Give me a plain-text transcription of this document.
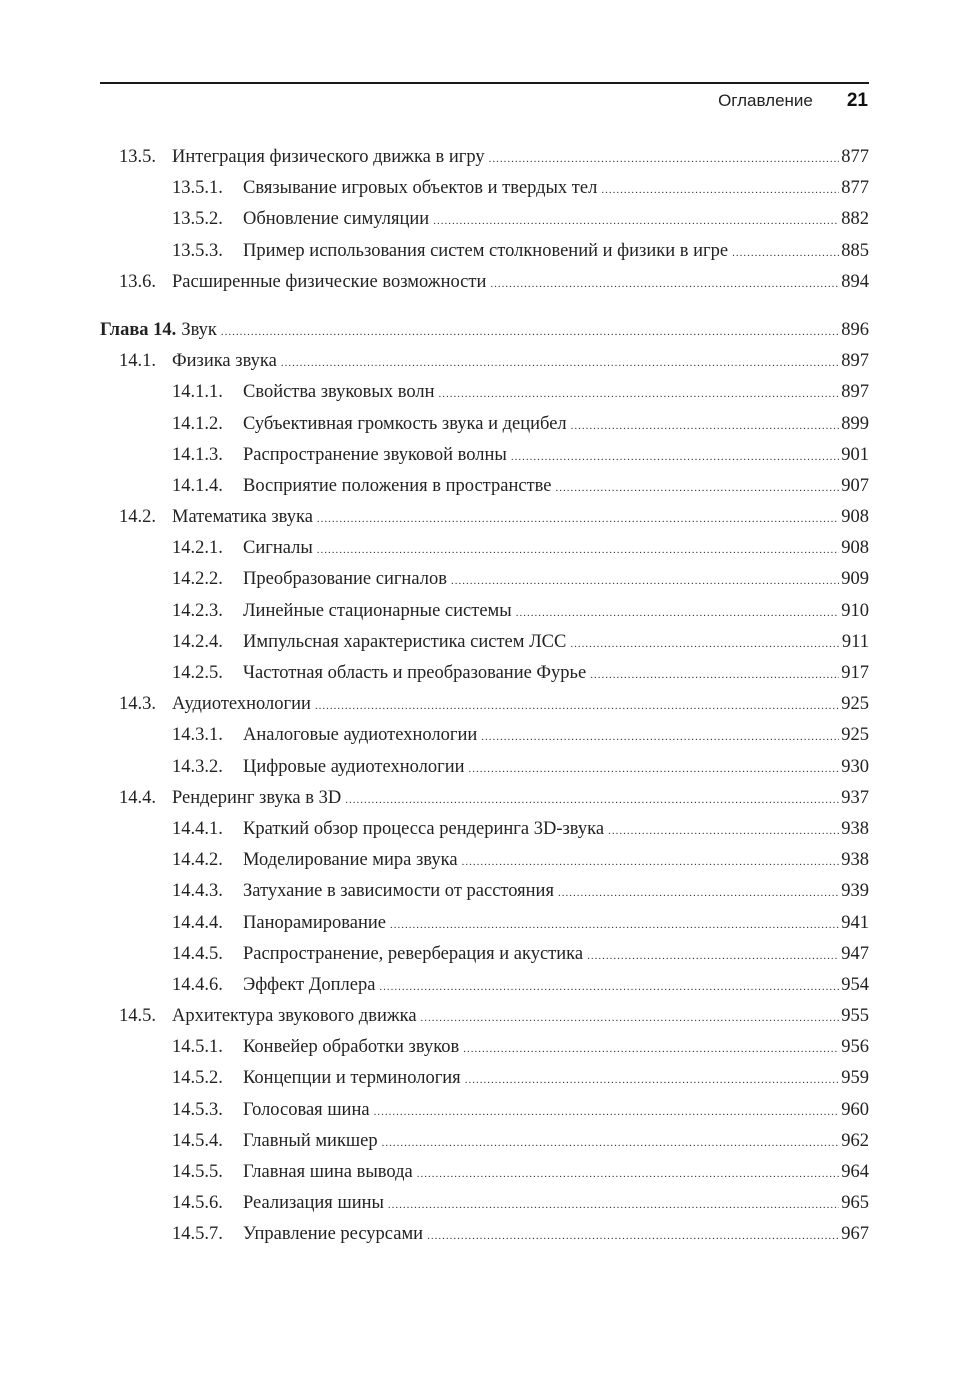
Оглавление 21
13.5. Интеграция физического движка в игру .....	877
13.5.1.	Связывание игровых объектов и твердых тел .....	877
13.5.2.	Обновление симуляции .....	882
13.5.3.	Пример использования систем столкновений и физики в игре .....	885
13.6. Расширенные физические возможности .....	894
Глава 14. Звук .....	896
14.1. Физика звука .....	897
14.1.1.	Свойства звуковых волн .....	897
14.1.2.	Субъективная громкость звука и децибел .....	899
14.1.3.	Распространение звуковой волны .....	901
14.1.4.	Восприятие положения в пространстве .....	907
14.2. Математика звука .....	908
14.2.1.	Сигналы .....	908
14.2.2.	Преобразование сигналов .....	909
14.2.3.	Линейные стационарные системы .....	910
14.2.4.	Импульсная характеристика систем ЛСС .....	911
14.2.5.	Частотная область и преобразование Фурье .....	917
14.3. Аудиотехнологии .....	925
14.3.1.	Аналоговые аудиотехнологии .....	925
14.3.2.	Цифровые аудиотехнологии .....	930
14.4. Рендеринг звука в 3D .....	937
14.4.1.	Краткий обзор процесса рендеринга 3D-звука .....	938
14.4.2.	Моделирование мира звука .....	938
14.4.3.	Затухание в зависимости от расстояния .....	939
14.4.4.	Панорамирование .....	941
14.4.5.	Распространение, реверберация и акустика .....	947
14.4.6.	Эффект Доплера .....	954
14.5. Архитектура звукового движка .....	955
14.5.1.	Конвейер обработки звуков .....	956
14.5.2.	Концепции и терминология .....	959
14.5.3.	Голосовая шина .....	960
14.5.4.	Главный микшер .....	962
14.5.5.	Главная шина вывода .....	964
14.5.6.	Реализация шины .....	965
14.5.7.	Управление ресурсами .....	967
